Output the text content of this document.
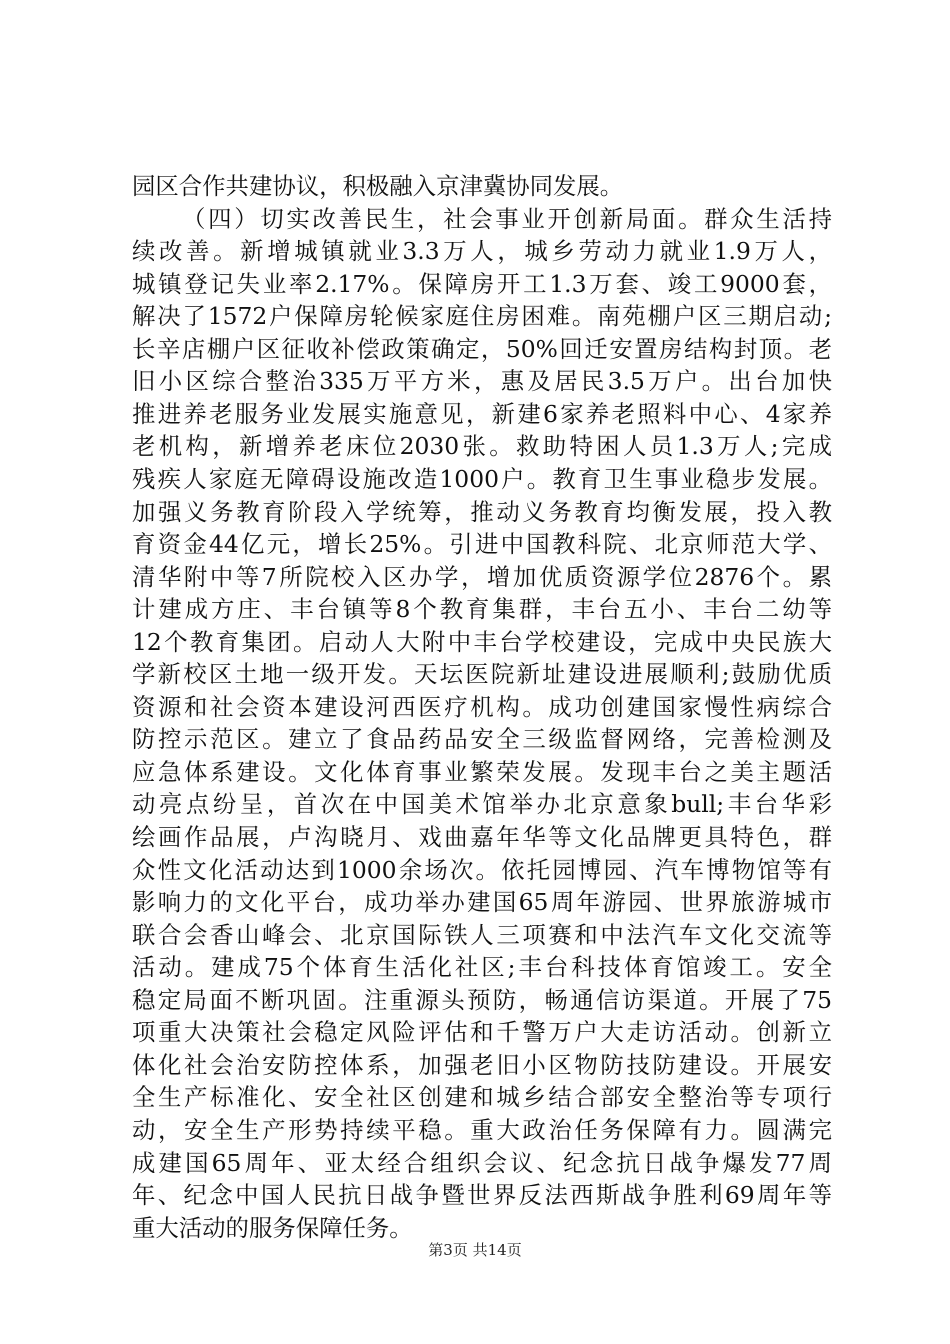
园区合作共建协议，积极融入京津冀协同发展。
（四）切实改善民生，社会事业开创新局面。群众生活持
续改善。新增城镇就业3.3万人，城乡劳动力就业1.9万人，
城镇登记失业率2.17%。保障房开工1.3万套、竣工9000套，
解决了1572户保障房轮候家庭住房困难。南苑棚户区三期启动;
长辛店棚户区征收补偿政策确定，50%回迁安置房结构封顶。老
旧小区综合整治335万平方米，惠及居民3.5万户。出台加快
推进养老服务业发展实施意见，新建6家养老照料中心、4家养
老机构，新增养老床位2030张。救助特困人员1.3万人;完成
残疾人家庭无障碍设施改造1000户。教育卫生事业稳步发展。
加强义务教育阶段入学统筹，推动义务教育均衡发展，投入教
育资金44亿元，增长25%。引进中国教科院、北京师范大学、
清华附中等7所院校入区办学，增加优质资源学位2876个。累
计建成方庄、丰台镇等8个教育集群，丰台五小、丰台二幼等
12个教育集团。启动人大附中丰台学校建设，完成中央民族大
学新校区土地一级开发。天坛医院新址建设进展顺利;鼓励优质
资源和社会资本建设河西医疗机构。成功创建国家慢性病综合
防控示范区。建立了食品药品安全三级监督网络，完善检测及
应急体系建设。文化体育事业繁荣发展。发现丰台之美主题活
动亮点纷呈，首次在中国美术馆举办北京意象bull;丰台华彩
绘画作品展，卢沟晓月、戏曲嘉年华等文化品牌更具特色，群
众性文化活动达到1000余场次。依托园博园、汽车博物馆等有
影响力的文化平台，成功举办建国65周年游园、世界旅游城市
联合会香山峰会、北京国际铁人三项赛和中法汽车文化交流等
活动。建成75个体育生活化社区;丰台科技体育馆竣工。安全
稳定局面不断巩固。注重源头预防，畅通信访渠道。开展了75
项重大决策社会稳定风险评估和千警万户大走访活动。创新立
体化社会治安防控体系，加强老旧小区物防技防建设。开展安
全生产标准化、安全社区创建和城乡结合部安全整治等专项行
动，安全生产形势持续平稳。重大政治任务保障有力。圆满完
成建国65周年、亚太经合组织会议、纪念抗日战争爆发77周
年、纪念中国人民抗日战争暨世界反法西斯战争胜利69周年等
重大活动的服务保障任务。
第3页 共14页
